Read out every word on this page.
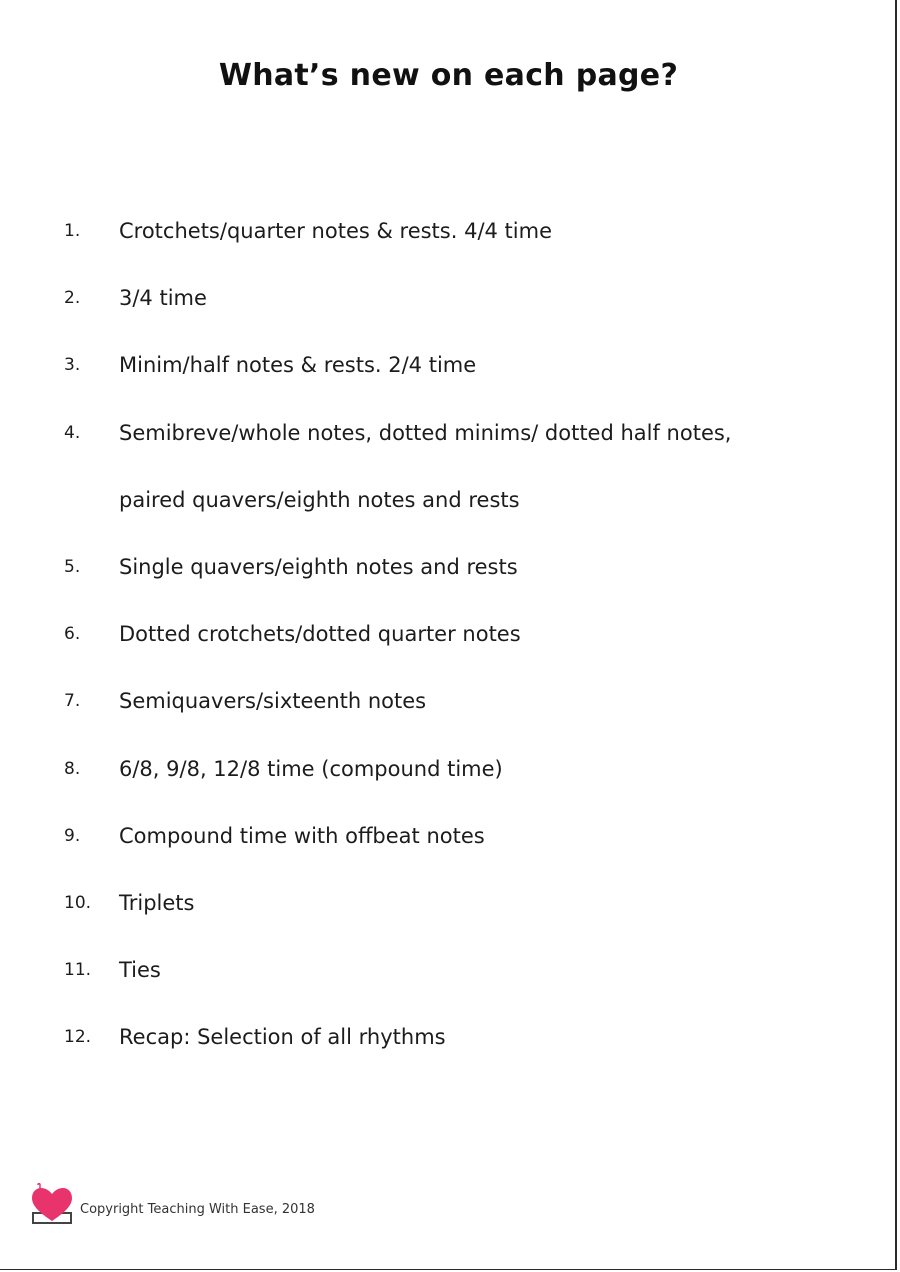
What’s new on each page?
1.	Crotchets/quarter notes & rests. 4/4 time
2.	3/4 time
3.	Minim/half notes & rests. 2/4 time
4.	Semibreve/whole notes, dotted minims/ dotted half notes,
paired quavers/eighth notes and rests
5.	Single quavers/eighth notes and rests
6.	Dotted crotchets/dotted quarter notes
7.	Semiquavers/sixteenth notes
8.	6/8, 9/8, 12/8 time (compound time)
9.	Compound time with offbeat notes
10.	Triplets
11.	Ties
12.	Recap: Selection of all rhythms
Copyright Teaching With Ease, 2018
